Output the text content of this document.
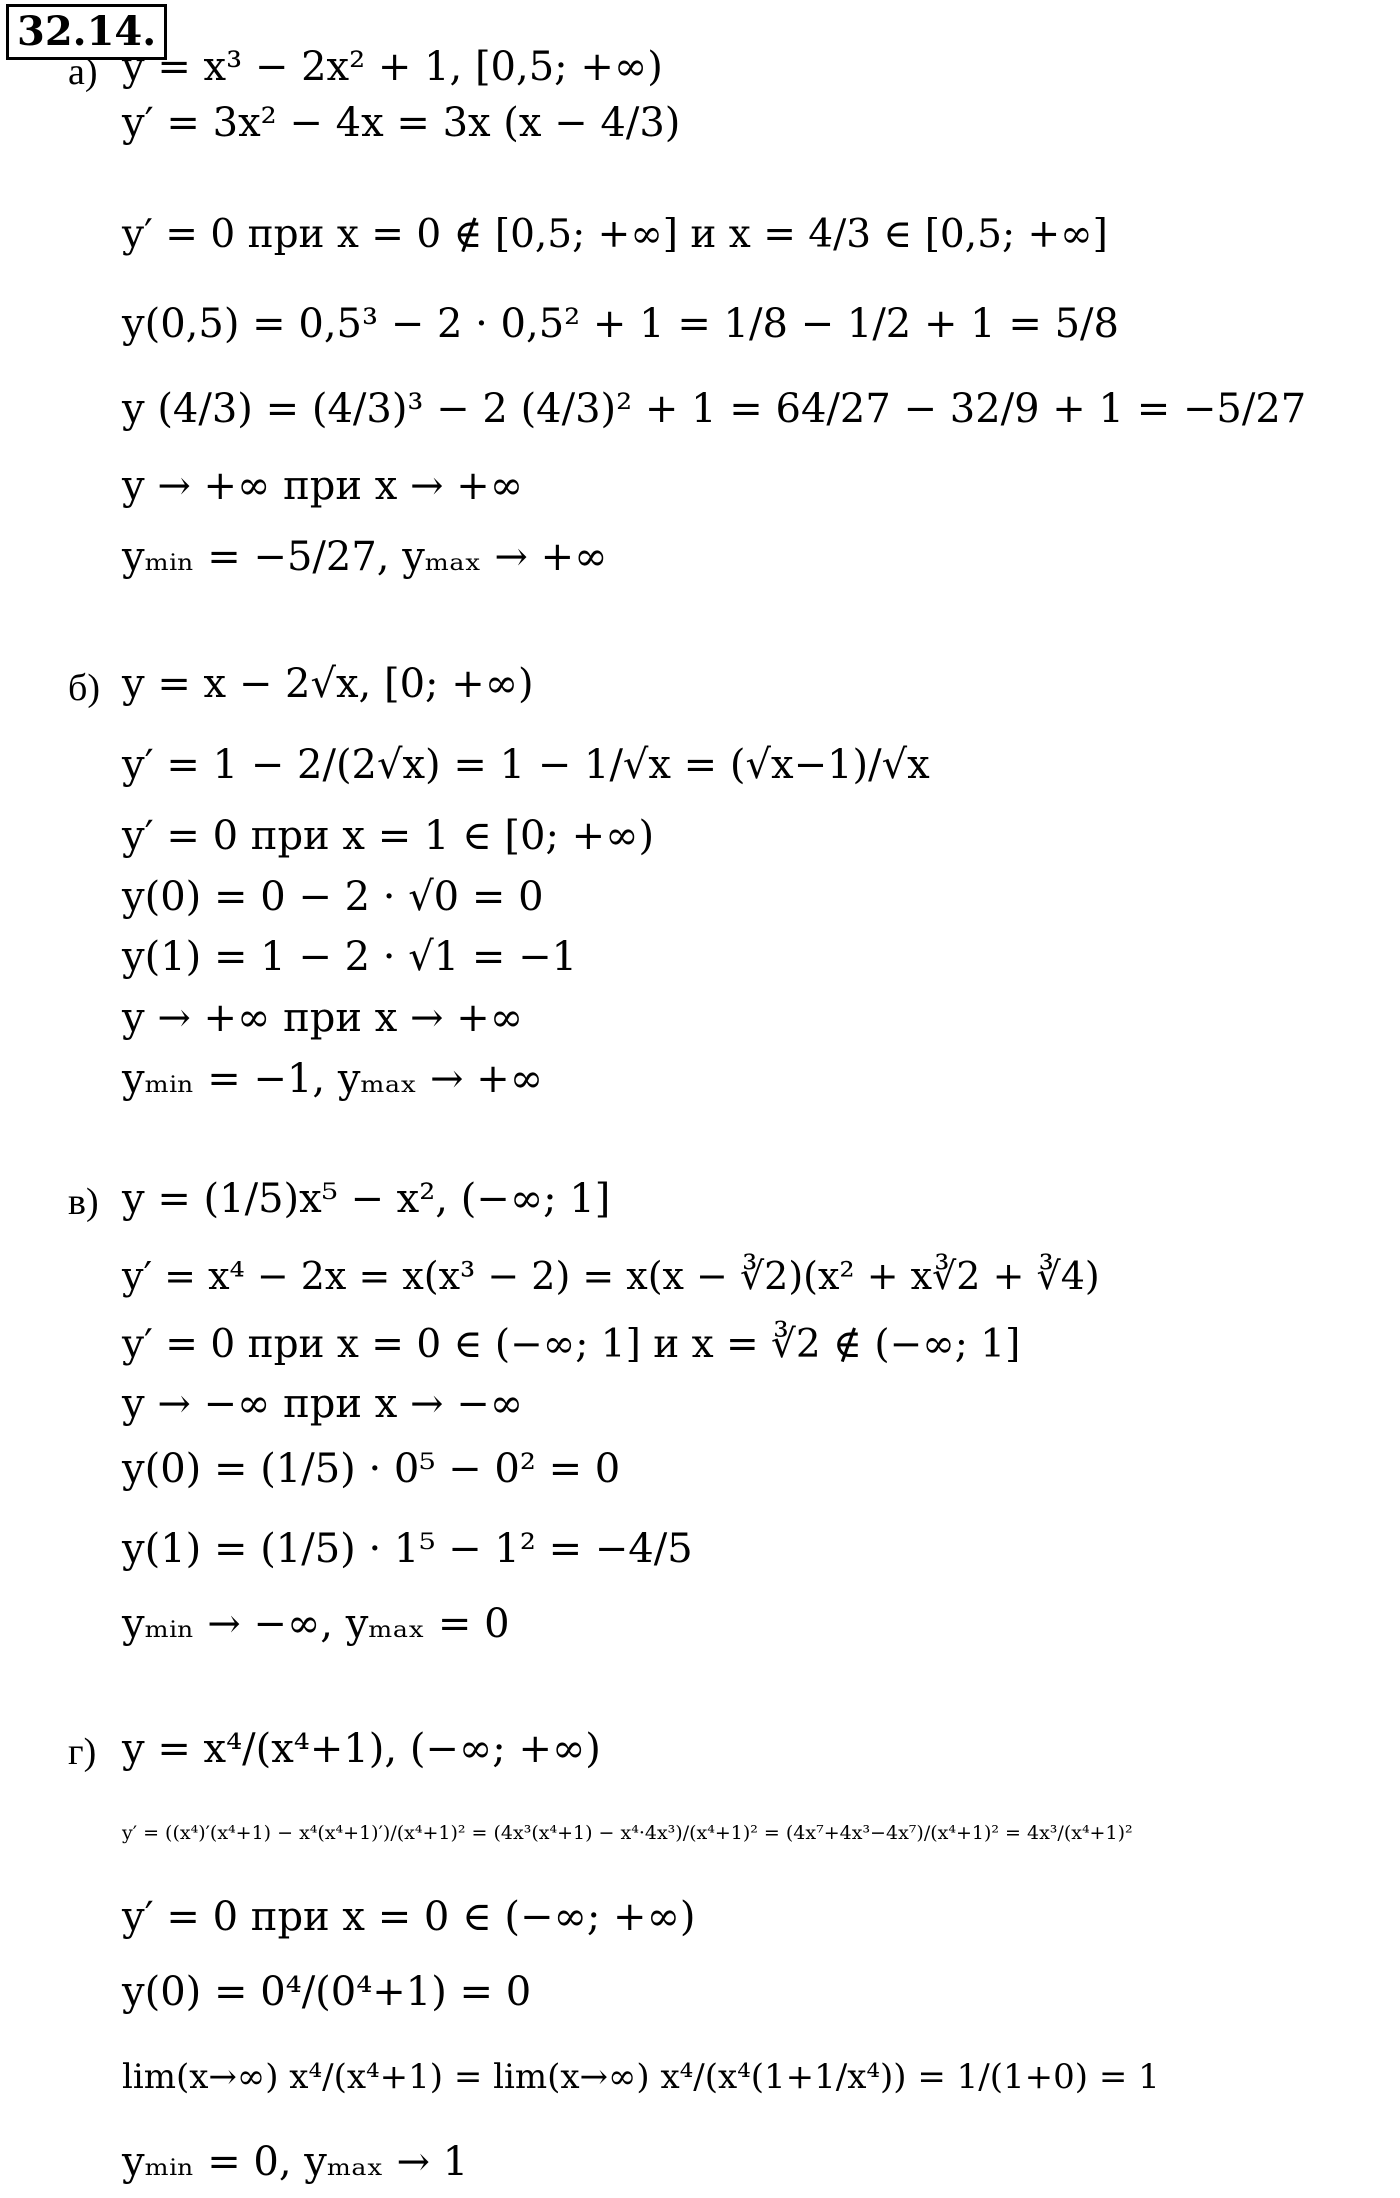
32.14.
а) y = x³ − 2x² + 1, [0,5; +∞)
y′ = 3x² − 4x = 3x (x − 4/3)
y′ = 0 при x = 0 ∉ [0,5; +∞] и x = 4/3 ∈ [0,5; +∞]
y(0,5) = 0,5³ − 2 · 0,5² + 1 = 1/8 − 1/2 + 1 = 5/8
y (4/3) = (4/3)³ − 2 (4/3)² + 1 = 64/27 − 32/9 + 1 = −5/27
y → +∞ при x → +∞
yₘᵢₙ = −5/27, yₘₐₓ → +∞
б) y = x − 2√x, [0; +∞)
y′ = 1 − 2/(2√x) = 1 − 1/√x = (√x−1)/√x
y′ = 0 при x = 1 ∈ [0; +∞)
y(0) = 0 − 2 · √0 = 0
y(1) = 1 − 2 · √1 = −1
y → +∞ при x → +∞
yₘᵢₙ = −1, yₘₐₓ → +∞
в) y = (1/5)x⁵ − x², (−∞; 1]
y′ = x⁴ − 2x = x(x³ − 2) = x(x − ∛2)(x² + x∛2 + ∛4)
y′ = 0 при x = 0 ∈ (−∞; 1] и x = ∛2 ∉ (−∞; 1]
y → −∞ при x → −∞
y(0) = (1/5) · 0⁵ − 0² = 0
y(1) = (1/5) · 1⁵ − 1² = −4/5
yₘᵢₙ → −∞, yₘₐₓ = 0
г) y = x⁴/(x⁴+1), (−∞; +∞)
y′ = ((x⁴)′(x⁴+1) − x⁴(x⁴+1)′)/(x⁴+1)² = (4x³(x⁴+1) − x⁴·4x³)/(x⁴+1)² = (4x⁷+4x³−4x⁷)/(x⁴+1)² = 4x³/(x⁴+1)²
y′ = 0 при x = 0 ∈ (−∞; +∞)
y(0) = 0⁴/(0⁴+1) = 0
lim(x→∞) x⁴/(x⁴+1) = lim(x→∞) x⁴/(x⁴(1+1/x⁴)) = 1/(1+0) = 1
yₘᵢₙ = 0, yₘₐₓ → 1
